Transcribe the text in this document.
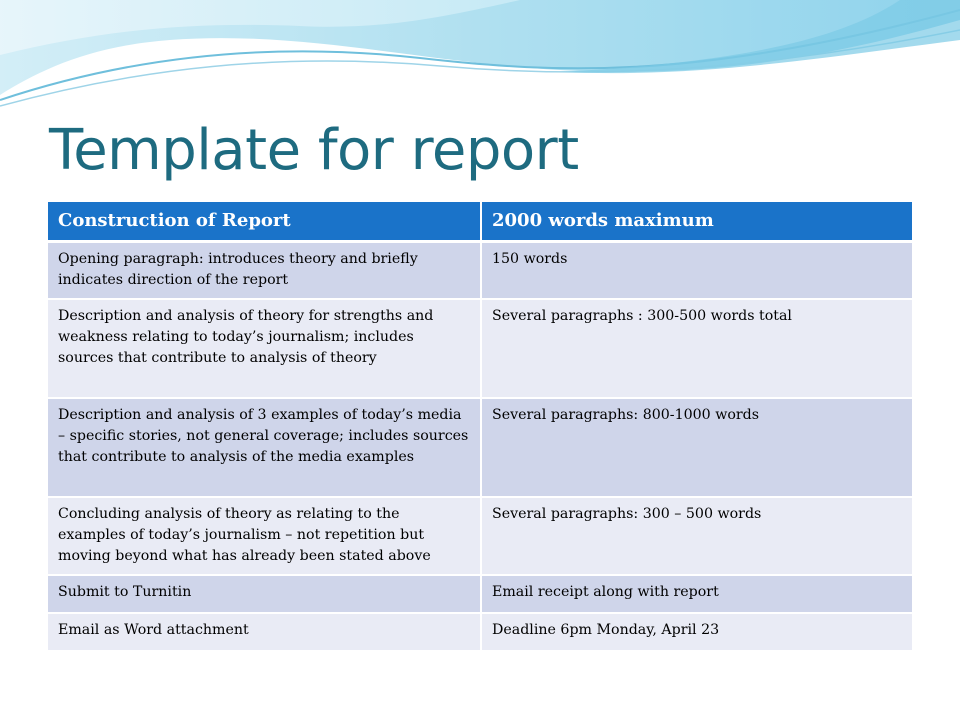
Template for report
Construction of Report	2000 words maximum
Opening paragraph: introduces theory and briefly indicates direction of the report	150 words
Description and analysis of theory for strengths and weakness relating to today’s journalism; includes sources that contribute to analysis of theory	Several paragraphs : 300-500 words total
Description and analysis of 3 examples of today’s media – specific stories, not general coverage; includes sources that contribute to analysis of the media examples	Several paragraphs: 800-1000 words
Concluding analysis of theory as relating to the examples of today’s journalism – not repetition but moving beyond what has already been stated above	Several paragraphs: 300 – 500 words
Submit to Turnitin	Email receipt along with report
Email as Word attachment	Deadline 6pm Monday, April 23
